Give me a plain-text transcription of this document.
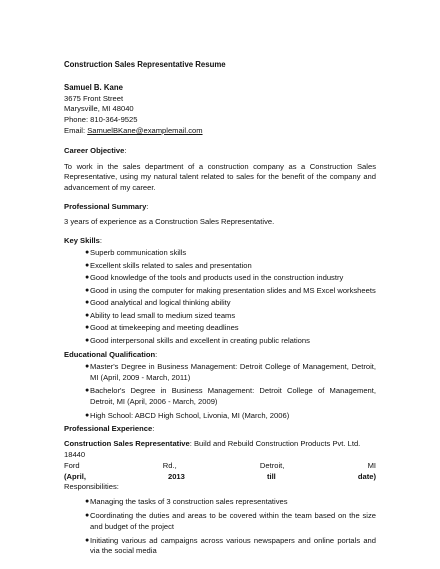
Construction Sales Representative Resume
Samuel B. Kane
3675 Front Street
Marysville, MI 48040
Phone: 810-364-9525
Email: SamuelBKane@examplemail.com
Career Objective:
To work in the sales department of a construction company as a Construction Sales Representative, using my natural talent related to sales for the benefit of the company and advancement of my career.
Professional Summary:
3 years of experience as a Construction Sales Representative.
Key Skills:
● Superb communication skills
● Excellent skills related to sales and presentation
● Good knowledge of the tools and products used in the construction industry
● Good in using the computer for making presentation slides and MS Excel worksheets
● Good analytical and logical thinking ability
● Ability to lead small to medium sized teams
● Good at timekeeping and meeting deadlines
● Good interpersonal skills and excellent in creating public relations
Educational Qualification:
● Master's Degree in Business Management: Detroit College of Management, Detroit, MI (April, 2009 - March, 2011)
● Bachelor's Degree in Business Management: Detroit College of Management, Detroit, MI (April, 2006 - March, 2009)
● High School: ABCD High School, Livonia, MI (March, 2006)
Professional Experience:
Construction Sales Representative: Build and Rebuild Construction Products Pvt. Ltd. 18440
Ford	Rd.,	Detroit,	MI
(April,	2013	till	date)
Responsibilities:
● Managing the tasks of 3 construction sales representatives
● Coordinating the duties and areas to be covered within the team based on the size and budget of the project
● Initiating various ad campaigns across various newspapers and online portals and via the social media
